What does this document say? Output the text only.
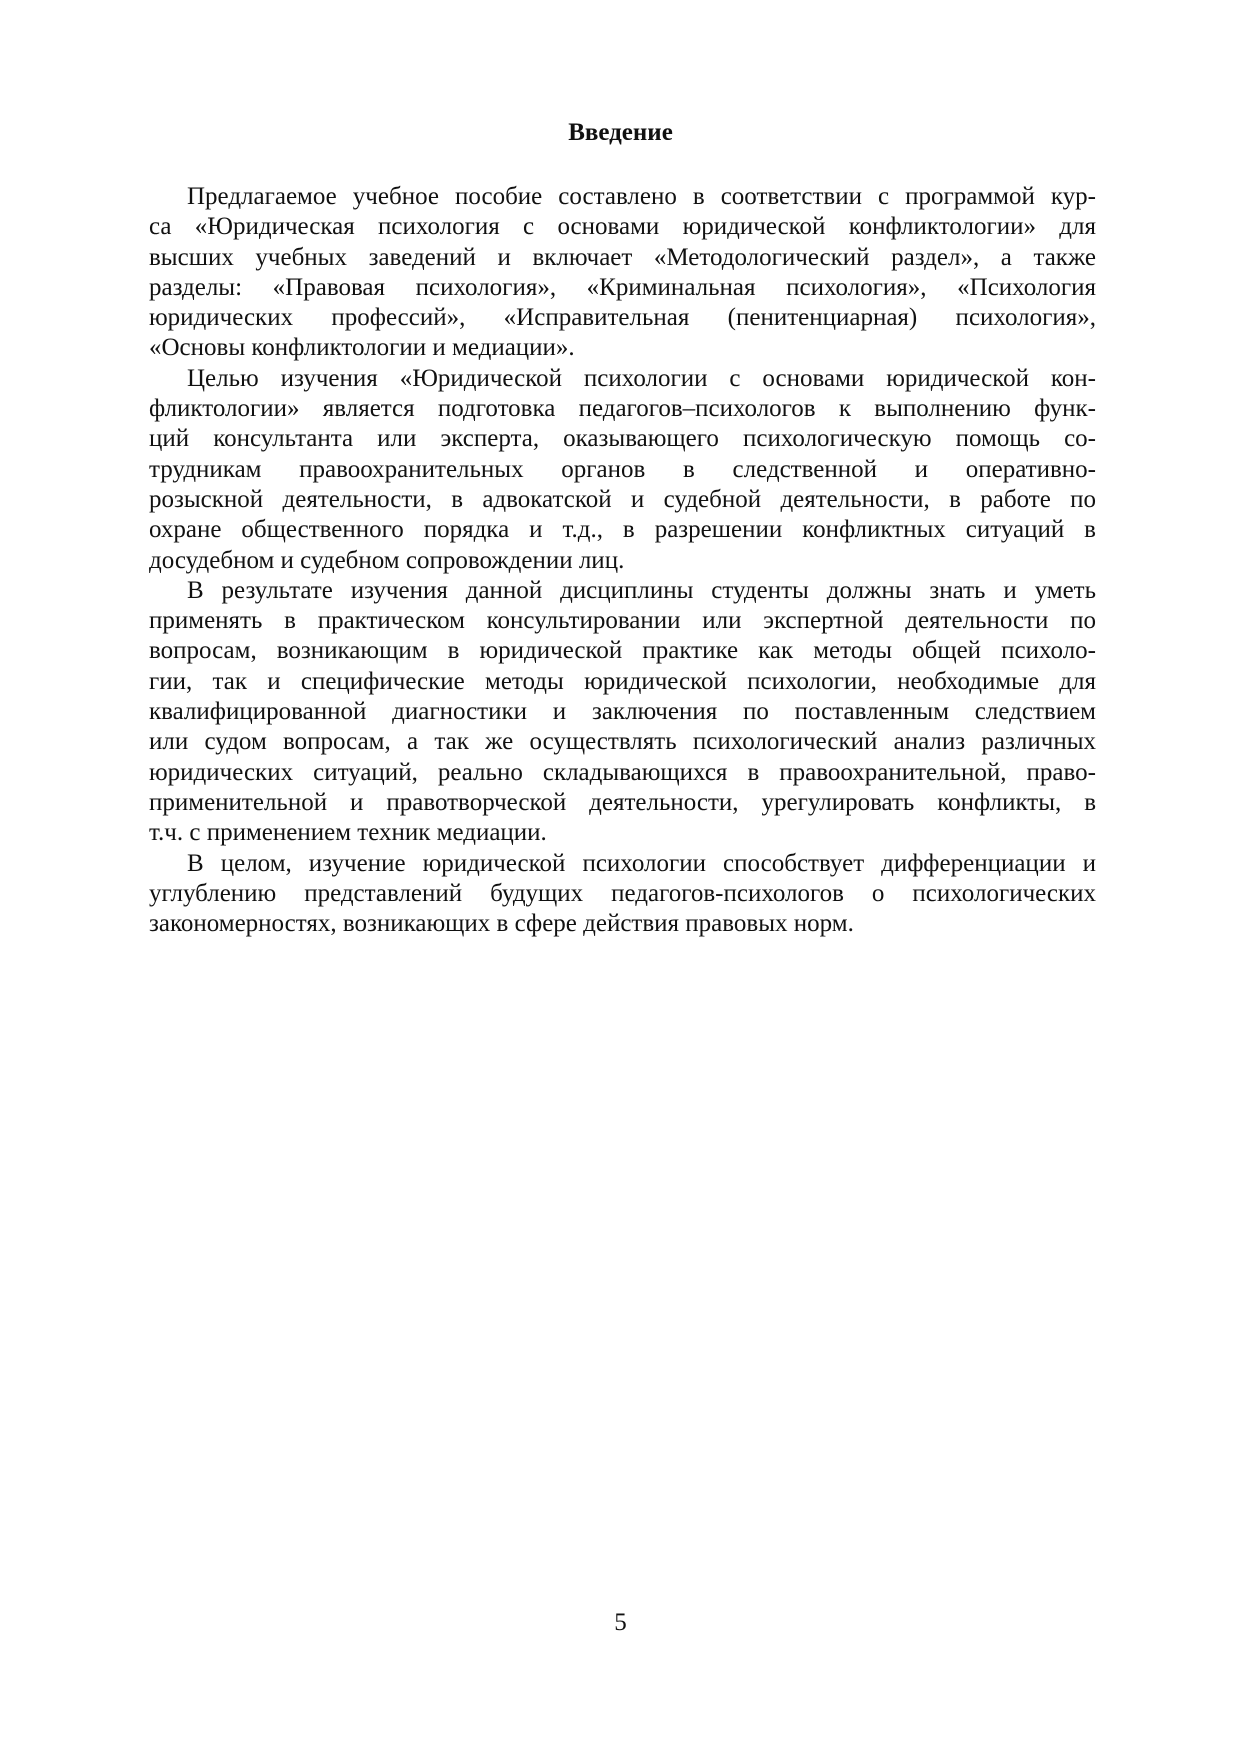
Введение
Предлагаемое учебное пособие составлено в соответствии с программой кур-
са «Юридическая психология с основами юридической конфликтологии» для
высших учебных заведений и включает «Методологический раздел», а также
разделы: «Правовая психология», «Криминальная психология», «Психология
юридических профессий», «Исправительная (пенитенциарная) психология»,
«Основы конфликтологии и медиации».
Целью изучения «Юридической психологии с основами юридической кон-
фликтологии» является подготовка педагогов–психологов к выполнению функ-
ций консультанта или эксперта, оказывающего психологическую помощь со-
трудникам правоохранительных органов в следственной и оперативно-
розыскной деятельности, в адвокатской и судебной деятельности, в работе по
охране общественного порядка и т.д., в разрешении конфликтных ситуаций в
досудебном и судебном сопровождении лиц.
В результате изучения данной дисциплины студенты должны знать и уметь
применять в практическом консультировании или экспертной деятельности по
вопросам, возникающим в юридической практике как методы общей психоло-
гии, так и специфические методы юридической психологии, необходимые для
квалифицированной диагностики и заключения по поставленным следствием
или судом вопросам, а так же осуществлять психологический анализ различных
юридических ситуаций, реально складывающихся в правоохранительной, право-
применительной и правотворческой деятельности, урегулировать конфликты, в
т.ч. с применением техник медиации.
В целом, изучение юридической психологии способствует дифференциации и
углублению представлений будущих педагогов-психологов о психологических
закономерностях, возникающих в сфере действия правовых норм.
5
